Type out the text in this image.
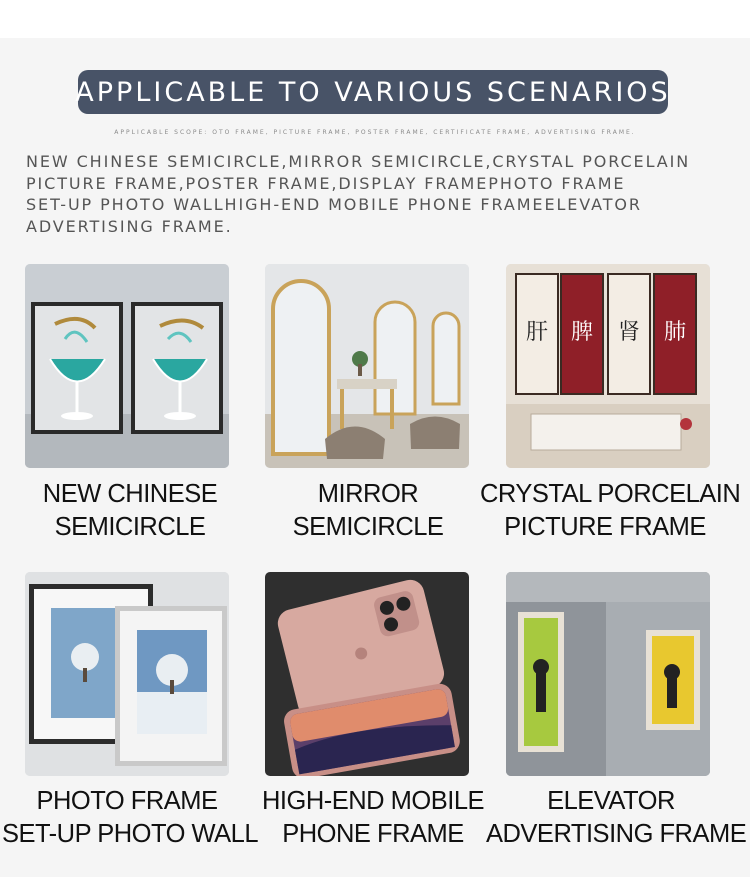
APPLICABLE TO VARIOUS SCENARIOS
APPLICABLE SCOPE: OTO FRAME, PICTURE FRAME, POSTER FRAME, CERTIFICATE FRAME, ADVERTISING FRAME.
NEW CHINESE SEMICIRCLE,MIRROR SEMICIRCLE,CRYSTAL PORCELAIN
PICTURE FRAME,POSTER FRAME,DISPLAY FRAMEPHOTO FRAME
SET-UP PHOTO WALLHIGH-END MOBILE PHONE FRAMEELEVATOR
ADVERTISING FRAME.
NEW CHINESE
SEMICIRCLE
MIRROR
SEMICIRCLE
肝 脾 肾 肺
CRYSTAL PORCELAIN
PICTURE FRAME
PHOTO FRAME
SET-UP PHOTO WALL
HIGH-END MOBILE
PHONE FRAME
ELEVATOR
ADVERTISING FRAME
